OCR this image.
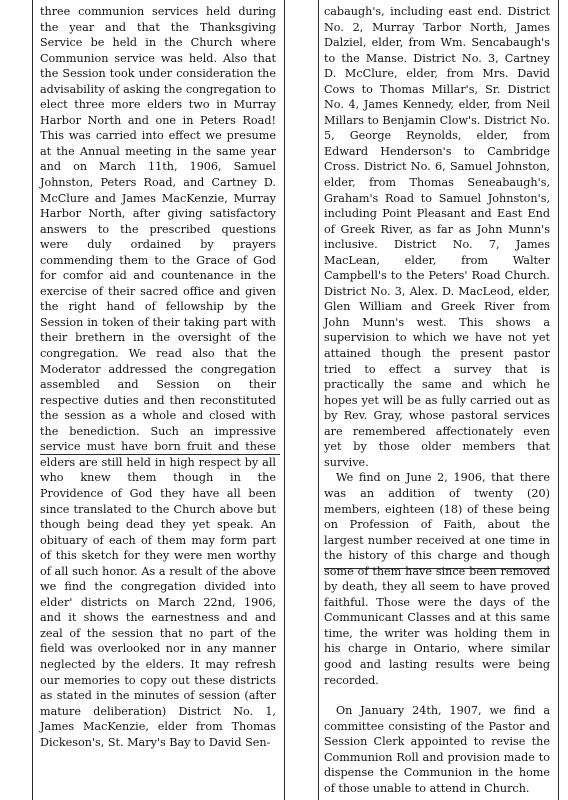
three communion services held during the year and that the Thanksgiving Service be held in the Church where Communion service was held. Also that the Session took under consideration the advisability of asking the congregation to elect three more elders two in Murray Harbor North and one in Peters Road! This was carried into effect we presume at the Annual meeting in the same year and on March 11th, 1906, Samuel Johnston, Peters Road, and Cartney D. McClure and James MacKenzie, Murray Harbor North, after giving satisfactory answers to the prescribed questions were duly ordained by prayers commending them to the Grace of God for comfor aid and countenance in the exercise of their sacred office and given the right hand of fellowship by the Session in token of their taking part with their brethern in the oversight of the congregation. We read also that the Moderator addressed the congregation assembled and Session on their respective duties and then reconstituted the session as a whole and closed with the benediction. Such an impressive service must have born fruit and these elders are still held in high respect by all who knew them though in the Providence of God they have all been since translated to the Church above but though being dead they yet speak. An obituary of each of them may form part of this sketch for they were men worthy of all such honor. As a result of the above we find the congregation divided into elder' districts on March 22nd, 1906, and it shows the earnestness and and zeal of the session that no part of the field was overlooked nor in any manner neglected by the elders. It may refresh our memories to copy out these districts as stated in the minutes of session (after mature deliberation) District No. 1, James MacKenzie, elder from Thomas Dickeson's, St. Mary's Bay to David Sen-

cabaugh's, including east end. District No. 2, Murray Tarbor North, James Dalziel, elder, from Wm. Sencabaugh's to the Manse. District No. 3, Cartney D. McClure, elder, from Mrs. David Cows to Thomas Millar's, Sr. District No. 4, James Kennedy, elder, from Neil Millars to Benjamin Clow's. District No. 5, George Reynolds, elder, from Edward Henderson's to Cambridge Cross. District No. 6, Samuel Johnston, elder, from Thomas Seneabaugh's, Graham's Road to Samuel Johnston's, including Point Pleasant and East End of Greek River, as far as John Munn's inclusive. District No. 7, James MacLean, elder, from Walter Campbell's to the Peters' Road Church. District No. 3, Alex. D. MacLeod, elder, Glen William and Greek River from John Munn's west. This shows a supervision to which we have not yet attained though the present pastor tried to effect a survey that is practically the same and which he hopes yet will be as fully carried out as by Rev. Gray, whose pastoral services are remembered affectionately even yet by those older members that survive.

We find on June 2, 1906, that there was an addition of twenty (20) members, eighteen (18) of these being on Profession of Faith, about the largest number received at one time in the history of this charge and though some of them have since been removed by death, they all seem to have proved faithful. Those were the days of the Communicant Classes and at this same time, the writer was holding them in his charge in Ontario, where similar good and lasting results were being recorded.

On January 24th, 1907, we find a committee consisting of the Pastor and Session Clerk appointed to revise the Communion Roll and provision made to dispense the Communion in the home of those unable to attend in Church.
